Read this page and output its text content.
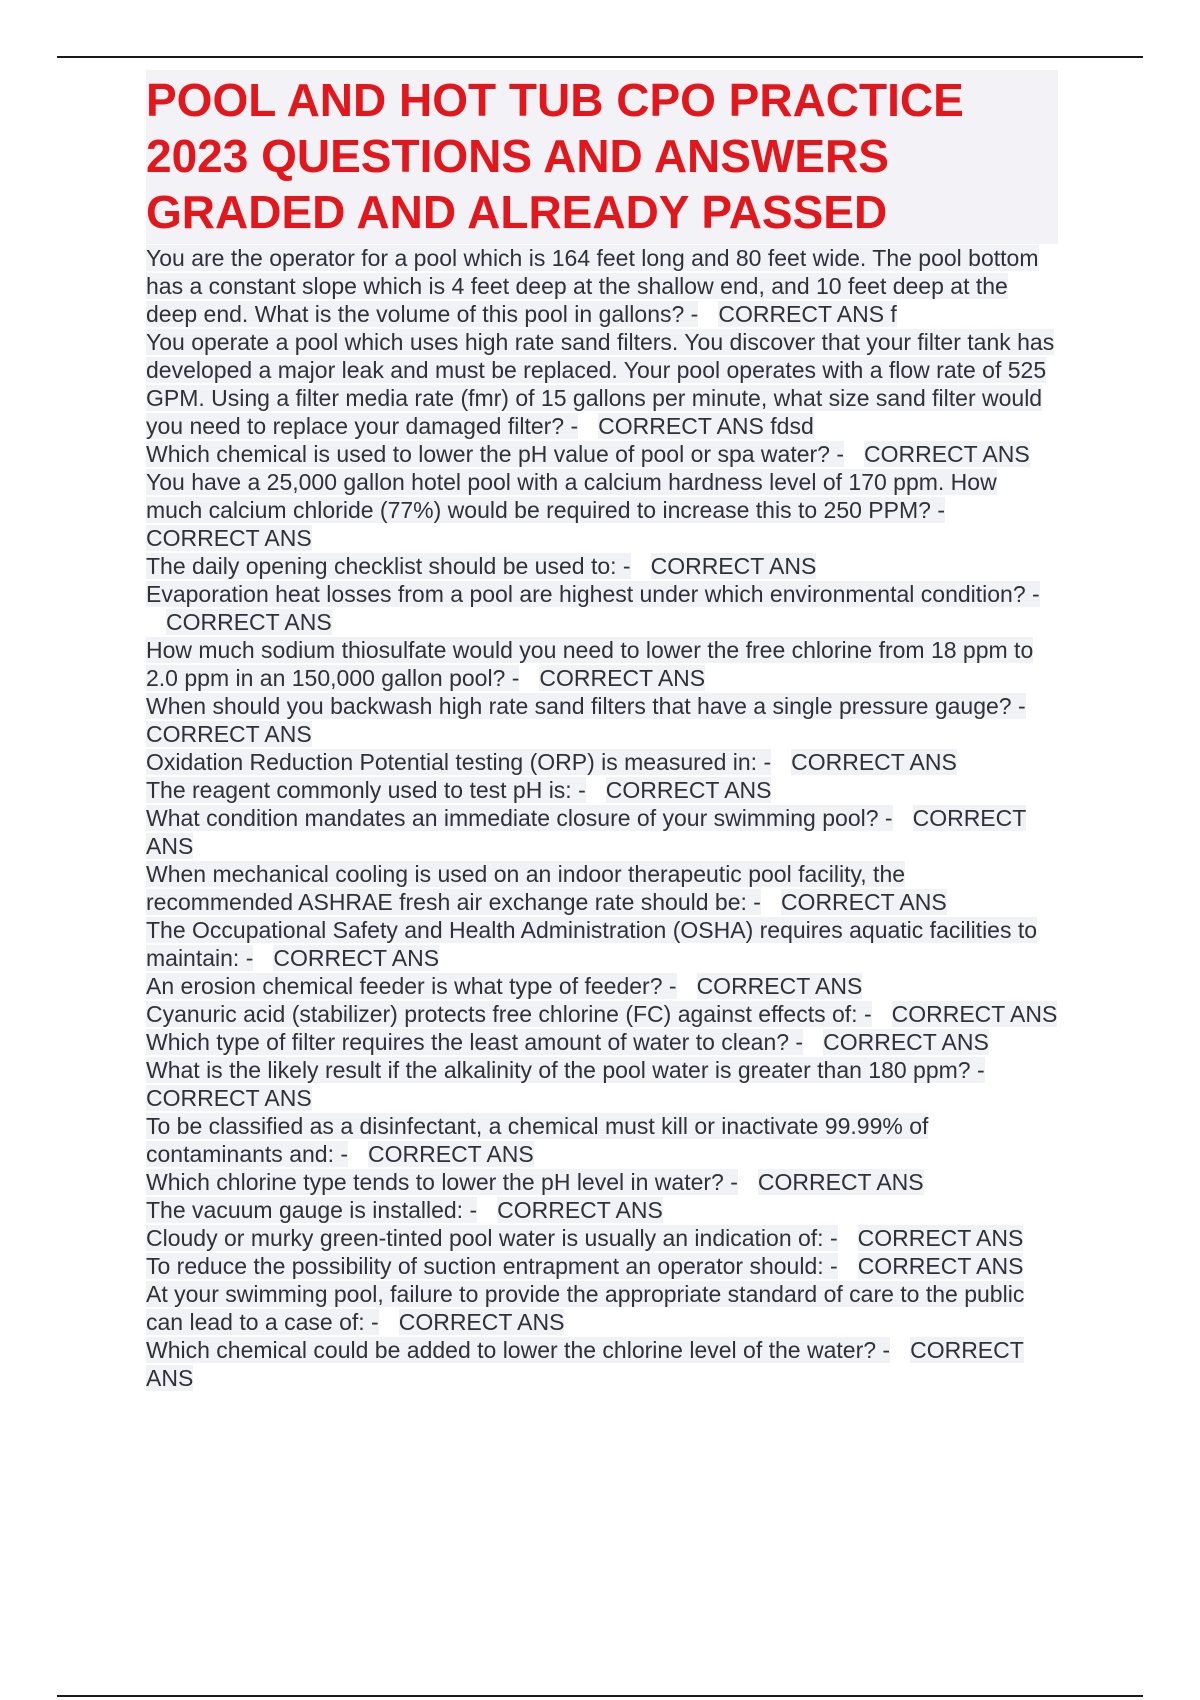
POOL AND HOT TUB CPO PRACTICE 2023 QUESTIONS AND ANSWERS GRADED AND ALREADY PASSED

You are the operator for a pool which is 164 feet long and 80 feet wide. The pool bottom has a constant slope which is 4 feet deep at the shallow end, and 10 feet deep at the deep end. What is the volume of this pool in gallons? - CORRECT ANS f

You operate a pool which uses high rate sand filters. You discover that your filter tank has developed a major leak and must be replaced. Your pool operates with a flow rate of 525 GPM. Using a filter media rate (fmr) of 15 gallons per minute, what size sand filter would you need to replace your damaged filter? - CORRECT ANS fdsd

Which chemical is used to lower the pH value of pool or spa water? - CORRECT ANS

You have a 25,000 gallon hotel pool with a calcium hardness level of 170 ppm. How much calcium chloride (77%) would be required to increase this to 250 PPM? -CORRECT ANS

The daily opening checklist should be used to: - CORRECT ANS

Evaporation heat losses from a pool are highest under which environmental condition? -CORRECT ANS

How much sodium thiosulfate would you need to lower the free chlorine from 18 ppm to 2.0 ppm in an 150,000 gallon pool? - CORRECT ANS

When should you backwash high rate sand filters that have a single pressure gauge? -CORRECT ANS

Oxidation Reduction Potential testing (ORP) is measured in: - CORRECT ANS

The reagent commonly used to test pH is: - CORRECT ANS

What condition mandates an immediate closure of your swimming pool? - CORRECT ANS

When mechanical cooling is used on an indoor therapeutic pool facility, the recommended ASHRAE fresh air exchange rate should be: - CORRECT ANS

The Occupational Safety and Health Administration (OSHA) requires aquatic facilities to maintain: - CORRECT ANS

An erosion chemical feeder is what type of feeder? - CORRECT ANS

Cyanuric acid (stabilizer) protects free chlorine (FC) against effects of: - CORRECT ANS

Which type of filter requires the least amount of water to clean? - CORRECT ANS

What is the likely result if the alkalinity of the pool water is greater than 180 ppm? -CORRECT ANS

To be classified as a disinfectant, a chemical must kill or inactivate 99.99% of contaminants and: - CORRECT ANS

Which chlorine type tends to lower the pH level in water? - CORRECT ANS

The vacuum gauge is installed: - CORRECT ANS

Cloudy or murky green-tinted pool water is usually an indication of: - CORRECT ANS

To reduce the possibility of suction entrapment an operator should: - CORRECT ANS

At your swimming pool, failure to provide the appropriate standard of care to the public can lead to a case of: - CORRECT ANS

Which chemical could be added to lower the chlorine level of the water? - CORRECT ANS
